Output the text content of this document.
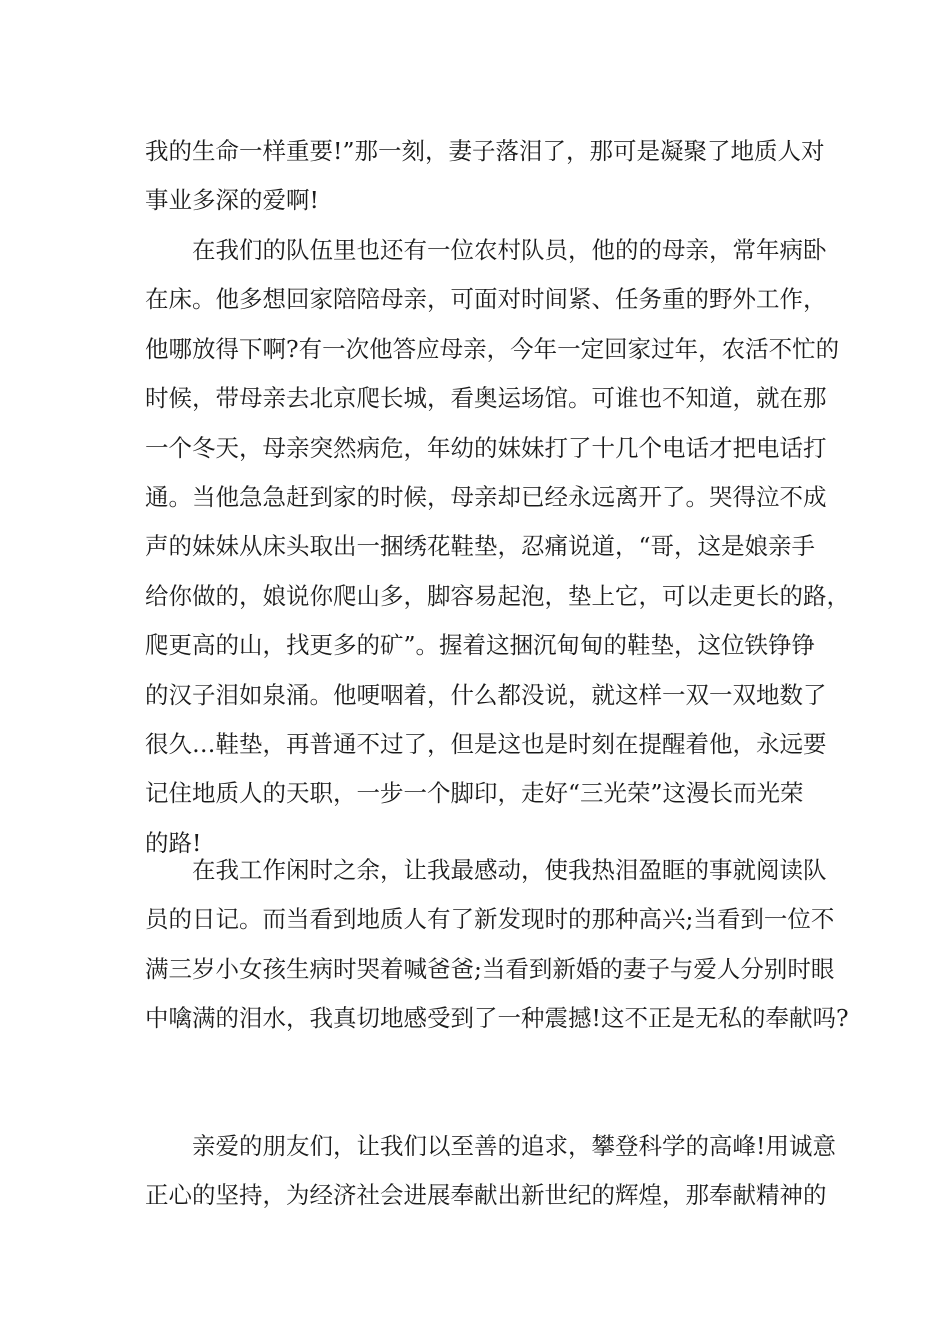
我的生命一样重要!”那一刻，妻子落泪了，那可是凝聚了地质人对
事业多深的爱啊!
在我们的队伍里也还有一位农村队员，他的的母亲，常年病卧
在床。他多想回家陪陪母亲，可面对时间紧、任务重的野外工作，
他哪放得下啊?有一次他答应母亲，今年一定回家过年，农活不忙的
时候，带母亲去北京爬长城，看奥运场馆。可谁也不知道，就在那
一个冬天，母亲突然病危，年幼的妹妹打了十几个电话才把电话打
通。当他急急赶到家的时候，母亲却已经永远离开了。哭得泣不成
声的妹妹从床头取出一捆绣花鞋垫，忍痛说道，“哥，这是娘亲手
给你做的，娘说你爬山多，脚容易起泡，垫上它，可以走更长的路，
爬更高的山，找更多的矿”。握着这捆沉甸甸的鞋垫，这位铁铮铮
的汉子泪如泉涌。他哽咽着，什么都没说，就这样一双一双地数了
很久…鞋垫，再普通不过了，但是这也是时刻在提醒着他，永远要
记住地质人的天职，一步一个脚印，走好“三光荣”这漫长而光荣
的路!
在我工作闲时之余，让我最感动，使我热泪盈眶的事就阅读队
员的日记。而当看到地质人有了新发现时的那种高兴;当看到一位不
满三岁小女孩生病时哭着喊爸爸;当看到新婚的妻子与爱人分别时眼
中噙满的泪水，我真切地感受到了一种震撼!这不正是无私的奉献吗?
亲爱的朋友们，让我们以至善的追求，攀登科学的高峰!用诚意
正心的坚持，为经济社会进展奉献出新世纪的辉煌，那奉献精神的
